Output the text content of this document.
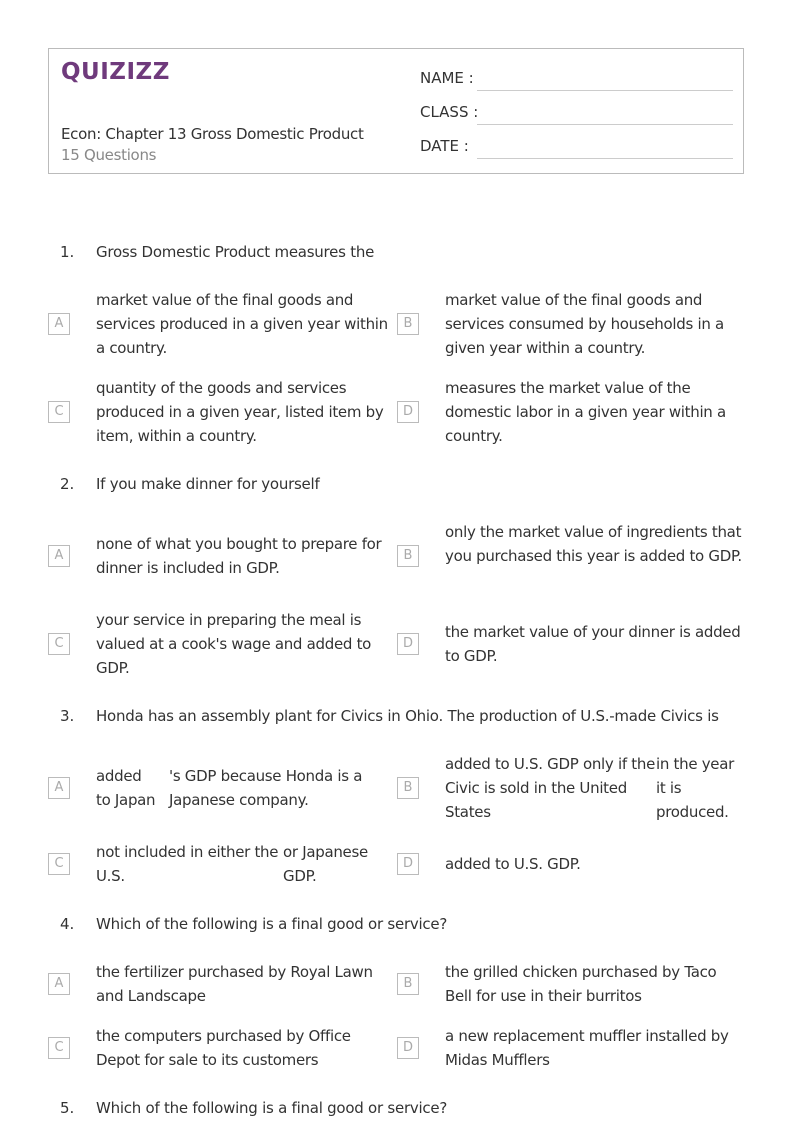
QUIZIZZ
Econ: Chapter 13 Gross Domestic Product
15 Questions
NAME :
CLASS :
DATE :
1. Gross Domestic Product measures the
A
market value of the final goods and services produced in a given year within a country.
B
market value of the final goods and services consumed by households in a given year within a country.
C
quantity of the goods and services produced in a given year, listed item by item, within a country.
D
measures the market value of the domestic labor in a given year within a country.
2. If you make dinner for yourself
A
none of what you bought to prepare for dinner is included in GDP.
B
only the market value of ingredients that you purchased this year is added to GDP.
C
your service in preparing the meal is valued at a cook's wage and added to GDP.
D
the market value of your dinner is added to GDP.
3. Honda has an assembly plant for Civics in Ohio. The production of U.S.-made Civics is
A
added to Japan
's GDP because Honda is a Japanese company.
B
added to U.S. GDP only if the Civic is sold in the United States
in the year it is produced.
C
not included in either the U.S.
or Japanese GDP.
D	added to U.S. GDP.
4. Which of the following is a final good or service?
A
the fertilizer purchased by Royal Lawn and Landscape
B
the grilled chicken purchased by Taco Bell for use in their burritos
C
the computers purchased by Office Depot for sale to its customers
D
a new replacement muffler installed by Midas Mufflers
5. Which of the following is a final good or service?
